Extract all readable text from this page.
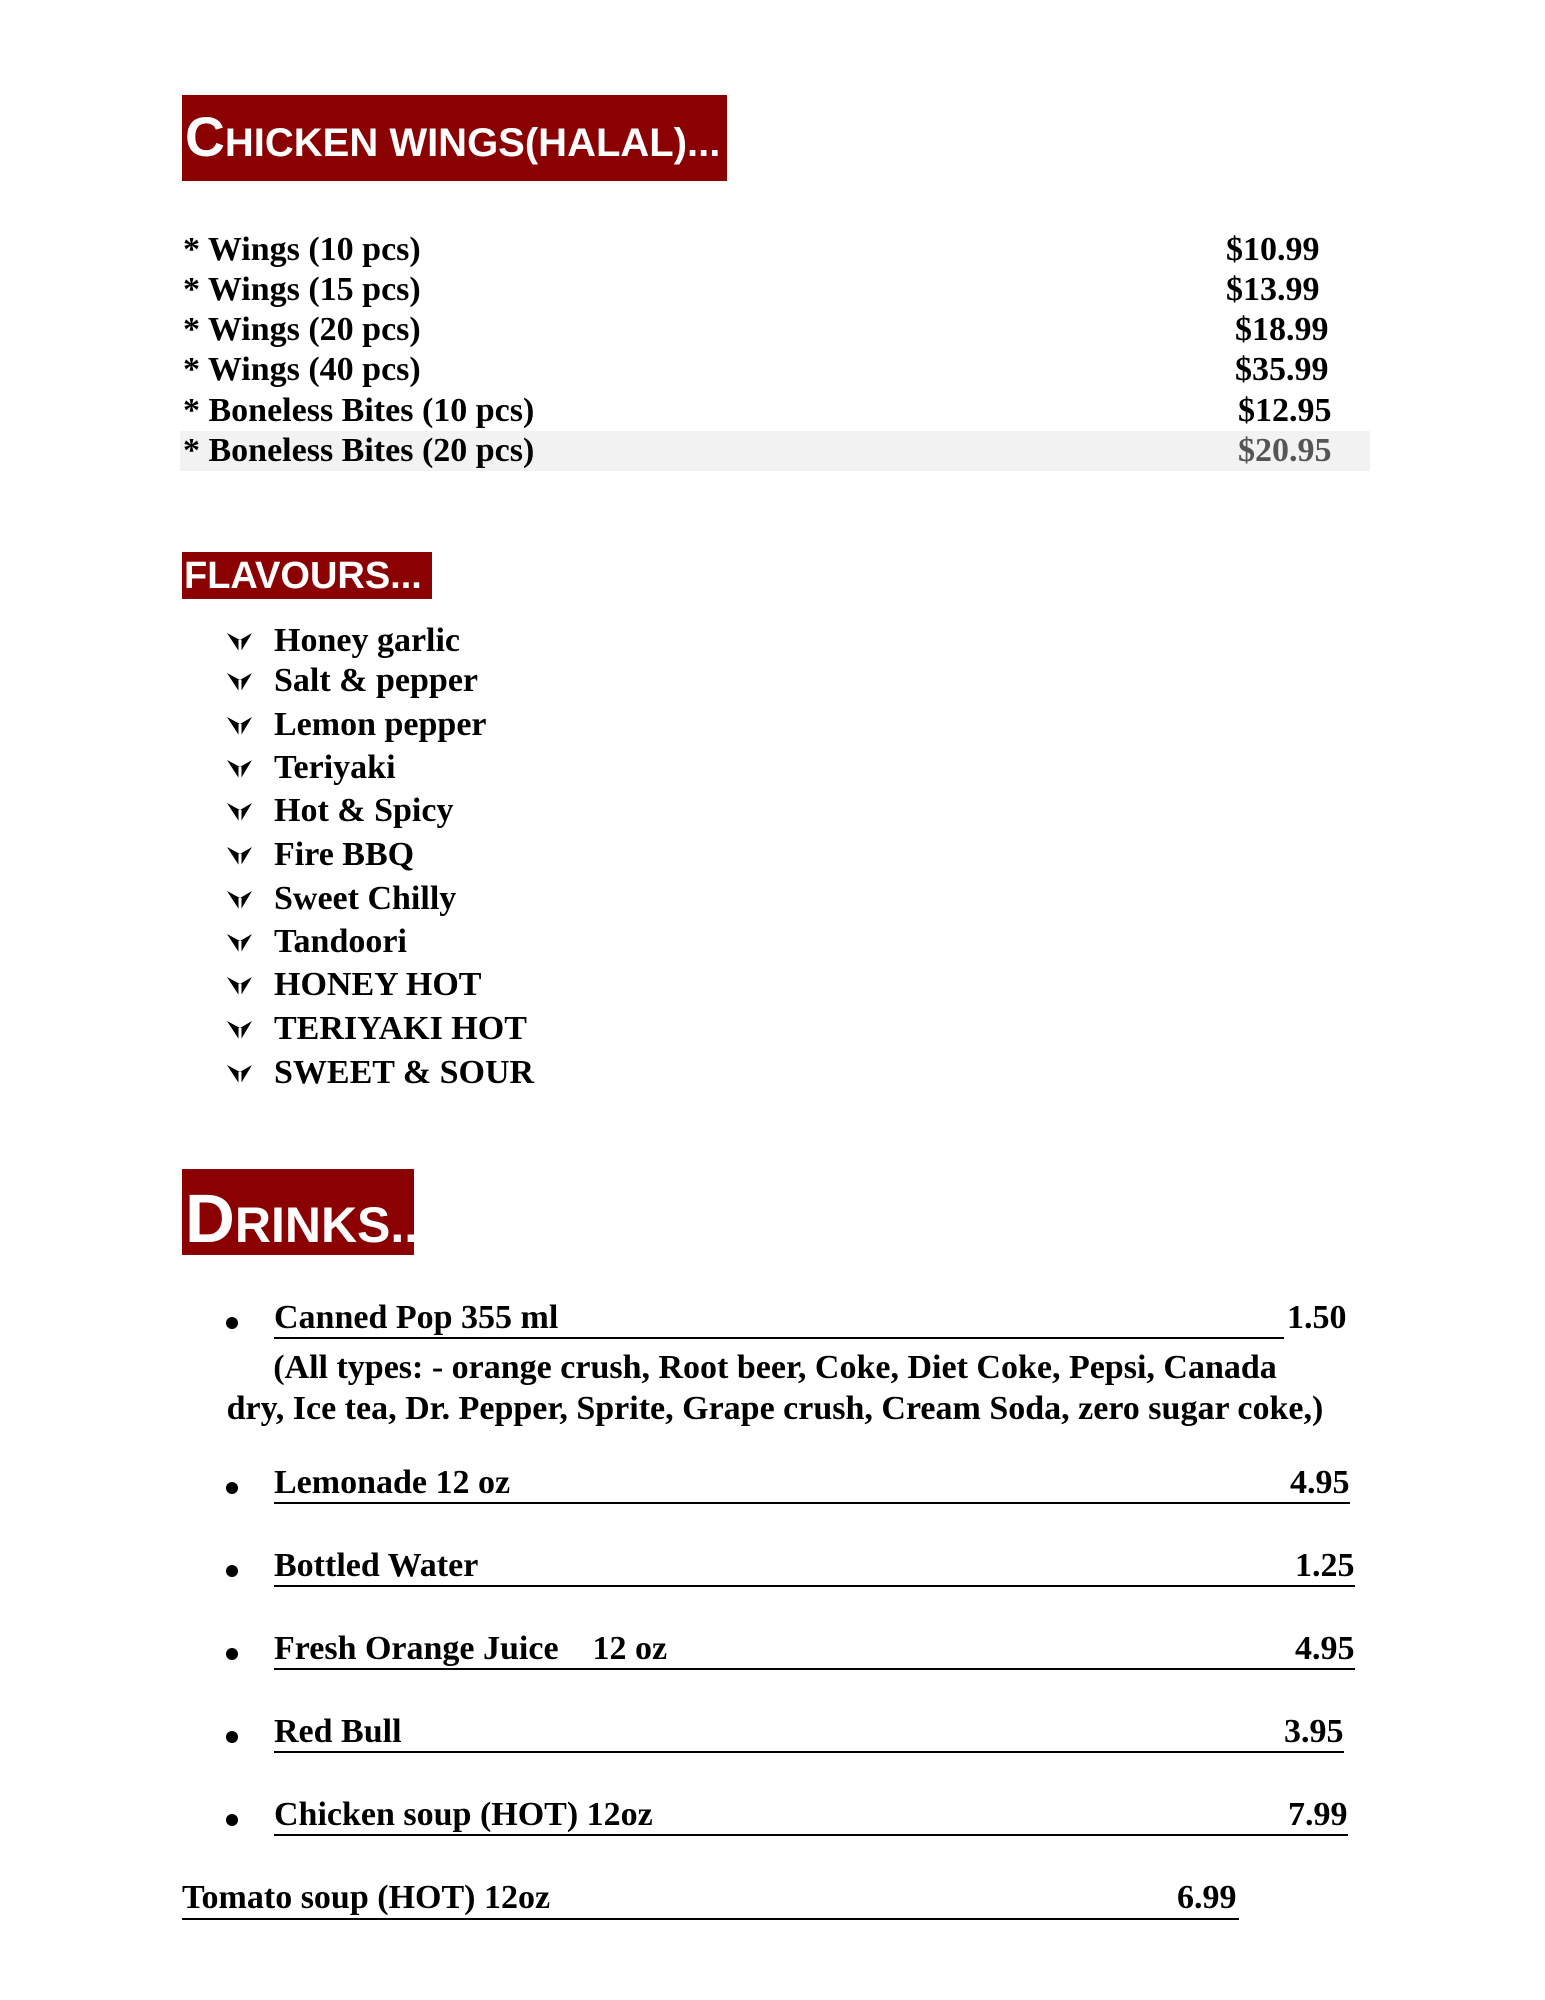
CHICKEN WINGS(HALAL)...
* Wings (10 pcs)	$10.99
* Wings (15 pcs)	$13.99
* Wings (20 pcs)	$18.99
* Wings (40 pcs)	$35.99
* Boneless Bites (10 pcs)	$12.95
* Boneless Bites (20 pcs)	$20.95
FLAVOURS...
Honey garlic
Salt & pepper
Lemon pepper
Teriyaki
Hot & Spicy
Fire BBQ
Sweet Chilly
Tandoori
HONEY HOT
TERIYAKI HOT
SWEET & SOUR
DRINKS...
Canned Pop 355 ml	1.50
(All types: - orange crush, Root beer, Coke, Diet Coke, Pepsi, Canada
dry, Ice tea, Dr. Pepper, Sprite, Grape crush, Cream Soda, zero sugar coke,)
Lemonade 12 oz	4.95
Bottled Water	1.25
Fresh Orange Juice    12 oz	4.95
Red Bull	3.95
Chicken soup (HOT) 12oz	7.99
Tomato soup (HOT) 12oz	6.99
